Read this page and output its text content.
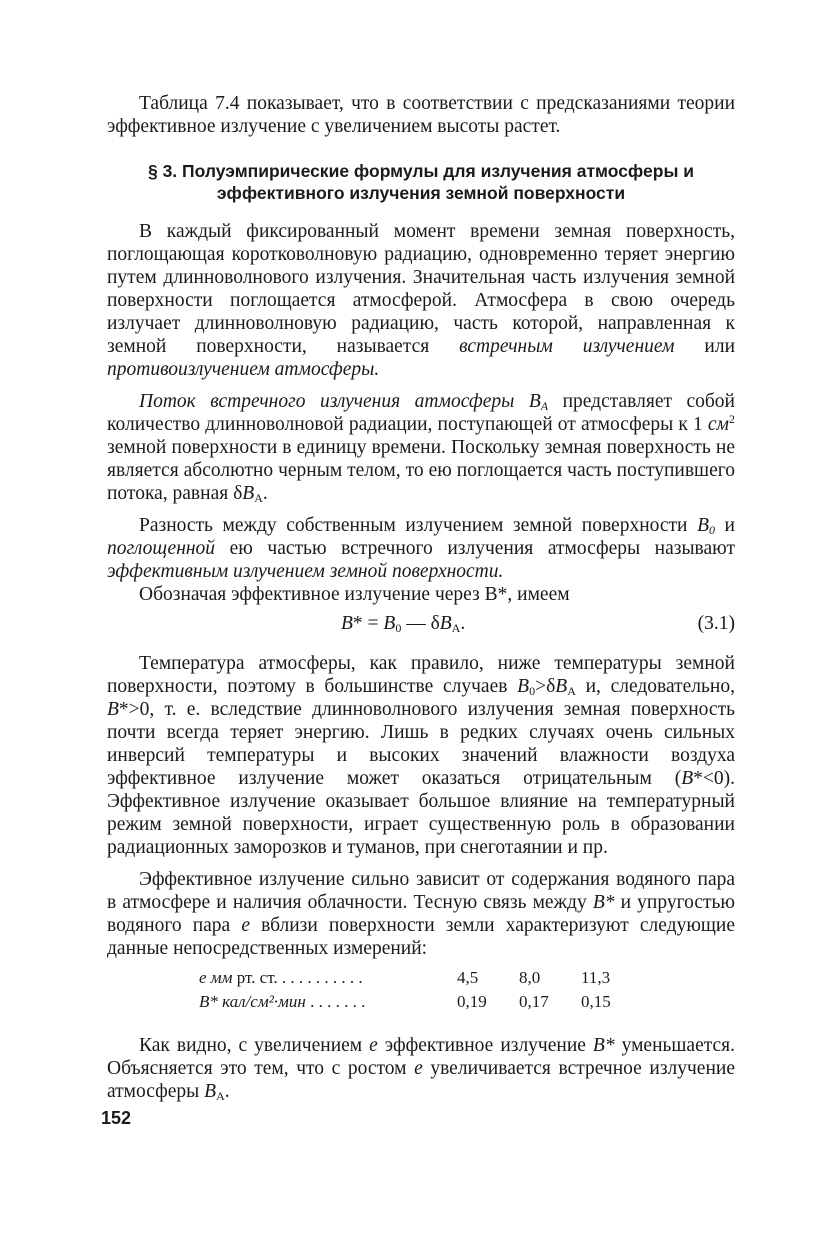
Таблица 7.4 показывает, что в соответствии с предсказаниями теории эффективное излучение с увеличением высоты растет.

§ 3. Полуэмпирические формулы для излучения атмосферы и эффективного излучения земной поверхности

В каждый фиксированный момент времени земная поверхность, поглощающая коротковолновую радиацию, одновременно теряет энергию путем длинноволнового излучения. Значительная часть излучения земной поверхности поглощается атмосферой. Атмосфера в свою очередь излучает длинноволновую радиацию, часть которой, направленная к земной поверхности, называется встречным излучением или противоизлучением атмосферы.

Поток встречного излучения атмосферы $B_A$ представляет собой количество длинноволновой радиации, поступающей от атмосферы к 1 $см^2$ земной поверхности в единицу времени. Поскольку земная поверхность не является абсолютно черным телом, то ею поглощается часть поступившего потока, равная $\delta B_A$.

Разность между собственным излучением земной поверхности $B_0$ и поглощенной ею частью встречного излучения атмосферы называют эффективным излучением земной поверхности.

Обозначая эффективное излучение через B*, имеем

$B* = B_0$ — $\delta B_A$.	(3.1)

Температура атмосферы, как правило, ниже температуры земной поверхности, поэтому в большинстве случаев $B_0>\delta B_A$ и, следовательно, B*>0, т. е. вследствие длинноволнового излучения земная поверхность почти всегда теряет энергию. Лишь в редких случаях очень сильных инверсий температуры и высоких значений влажности воздуха эффективное излучение может оказаться отрицательным (B*<0). Эффективное излучение оказывает большое влияние на температурный режим земной поверхности, играет существенную роль в образовании радиационных заморозков и туманов, при снеготаянии и пр.

Эффективное излучение сильно зависит от содержания водяного пара в атмосфере и наличия облачности. Тесную связь между B* и упругостью водяного пара e вблизи поверхности земли характеризуют следующие данные непосредственных измерений:

е мм рт. ст. . . . . . . . . . .	4,5	8,0	11,3
B* кал/см²·мин . . . . . . .	0,19	0,17	0,15

Как видно, с увеличением e эффективное излучение B* уменьшается. Объясняется это тем, что с ростом e увеличивается встречное излучение атмосферы $B_A$.

152
